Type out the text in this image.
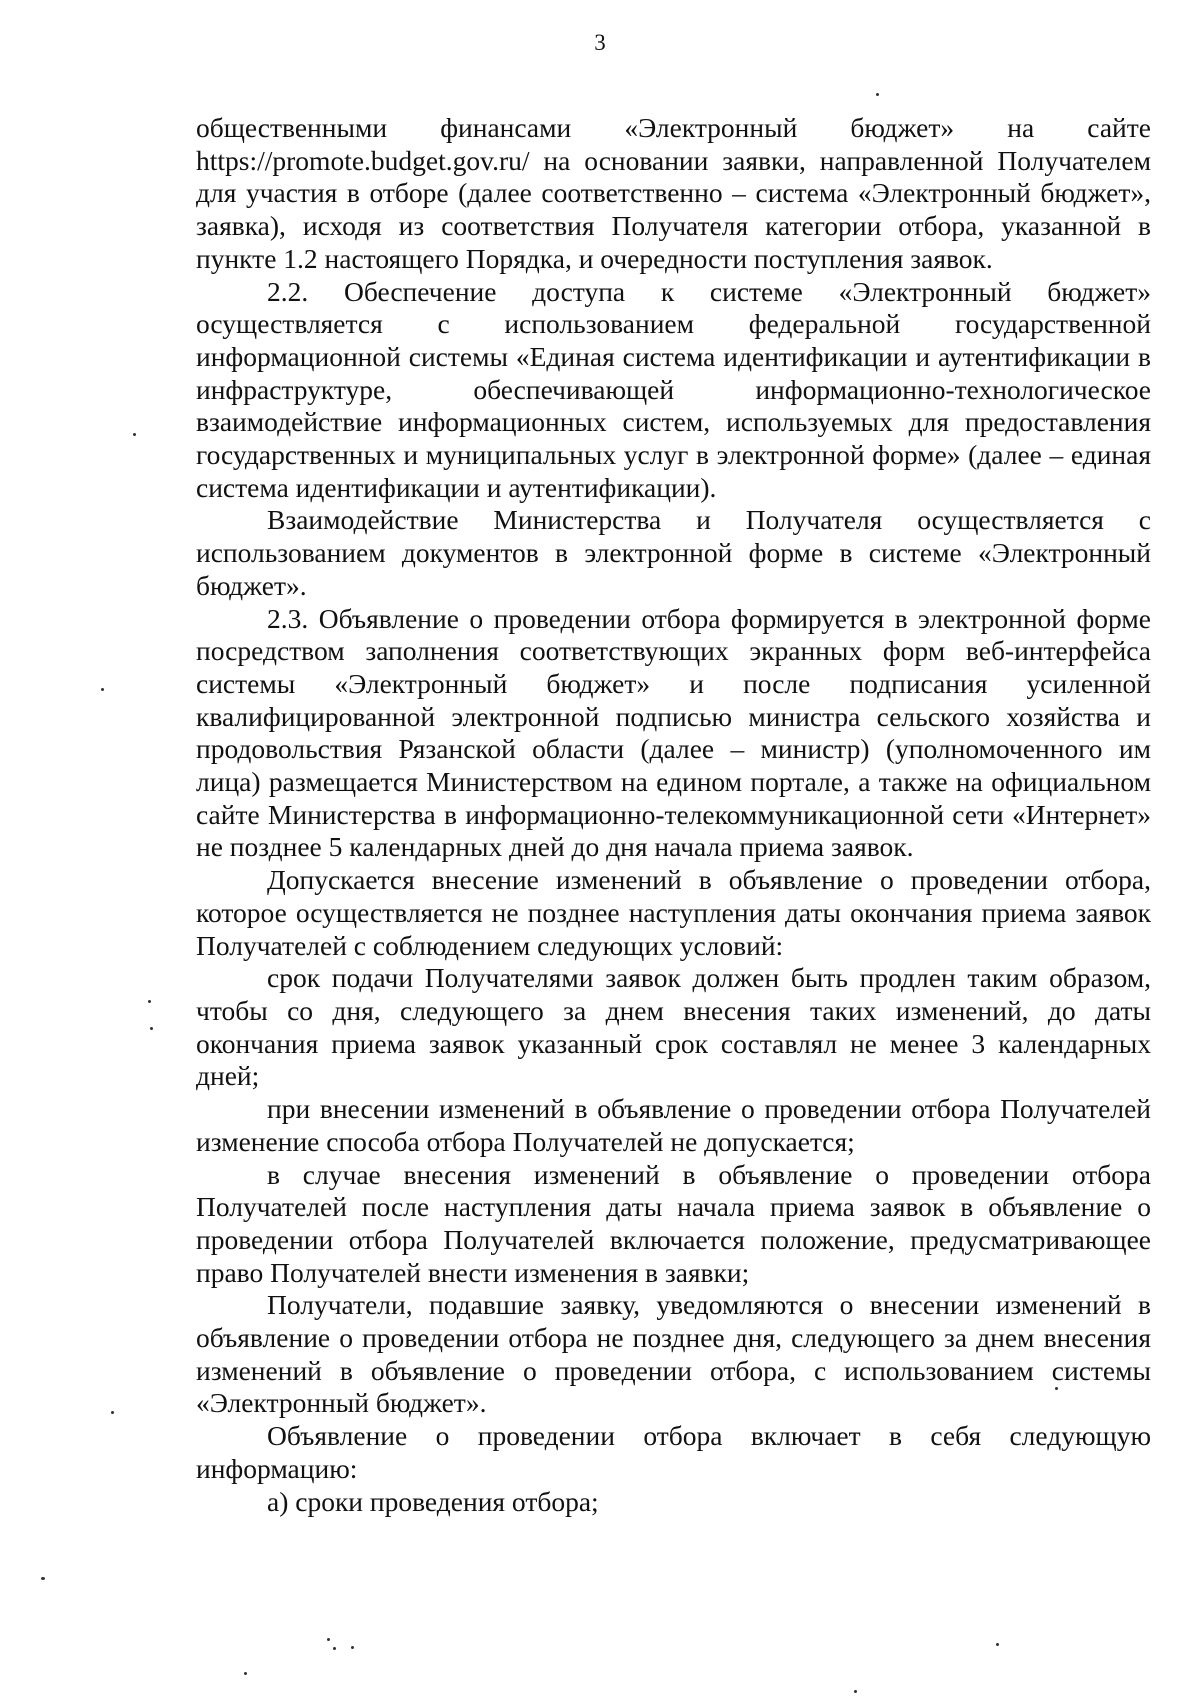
3

общественными финансами «Электронный бюджет» на сайте https://promote.budget.gov.ru/ на основании заявки, направленной Получателем для участия в отборе (далее соответственно – система «Электронный бюджет», заявка), исходя из соответствия Получателя категории отбора, указанной в пункте 1.2 настоящего Порядка, и очередности поступления заявок.

2.2. Обеспечение доступа к системе «Электронный бюджет» осуществляется с использованием федеральной государственной информационной системы «Единая система идентификации и аутентификации в инфраструктуре, обеспечивающей информационно-технологическое взаимодействие информационных систем, используемых для предоставления государственных и муниципальных услуг в электронной форме» (далее – единая система идентификации и аутентификации).

Взаимодействие Министерства и Получателя осуществляется с использованием документов в электронной форме в системе «Электронный бюджет».

2.3. Объявление о проведении отбора формируется в электронной форме посредством заполнения соответствующих экранных форм веб-интерфейса системы «Электронный бюджет» и после подписания усиленной квалифицированной электронной подписью министра сельского хозяйства и продовольствия Рязанской области (далее – министр) (уполномоченного им лица) размещается Министерством на едином портале, а также на официальном сайте Министерства в информационно-телекоммуникационной сети «Интернет» не позднее 5 календарных дней до дня начала приема заявок.

Допускается внесение изменений в объявление о проведении отбора, которое осуществляется не позднее наступления даты окончания приема заявок Получателей с соблюдением следующих условий:

срок подачи Получателями заявок должен быть продлен таким образом, чтобы со дня, следующего за днем внесения таких изменений, до даты окончания приема заявок указанный срок составлял не менее 3 календарных дней;

при внесении изменений в объявление о проведении отбора Получателей изменение способа отбора Получателей не допускается;

в случае внесения изменений в объявление о проведении отбора Получателей после наступления даты начала приема заявок в объявление о проведении отбора Получателей включается положение, предусматривающее право Получателей внести изменения в заявки;

Получатели, подавшие заявку, уведомляются о внесении изменений в объявление о проведении отбора не позднее дня, следующего за днем внесения изменений в объявление о проведении отбора, с использованием системы «Электронный бюджет».

Объявление о проведении отбора включает в себя следующую информацию:

а) сроки проведения отбора;
